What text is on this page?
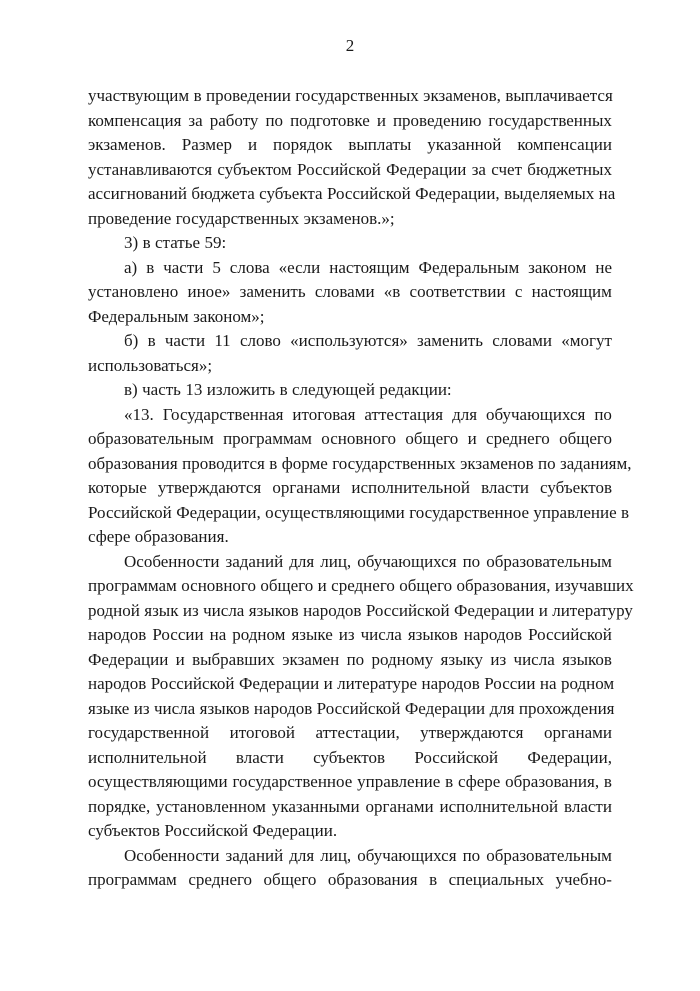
2
участвующим в проведении государственных экзаменов, выплачивается
компенсация за работу по подготовке и проведению государственных
экзаменов. Размер и порядок выплаты указанной компенсации
устанавливаются субъектом Российской Федерации за счет бюджетных
ассигнований бюджета субъекта Российской Федерации, выделяемых на
проведение государственных экзаменов.»;
3) в статье 59:
а) в части 5 слова «если настоящим Федеральным законом не
установлено иное» заменить словами «в соответствии с настоящим
Федеральным законом»;
б) в части 11 слово «используются» заменить словами «могут
использоваться»;
в) часть 13 изложить в следующей редакции:
«13. Государственная итоговая аттестация для обучающихся по
образовательным программам основного общего и среднего общего
образования проводится в форме государственных экзаменов по заданиям,
которые утверждаются органами исполнительной власти субъектов
Российской Федерации, осуществляющими государственное управление в
сфере образования.
Особенности заданий для лиц, обучающихся по образовательным
программам основного общего и среднего общего образования, изучавших
родной язык из числа языков народов Российской Федерации и литературу
народов России на родном языке из числа языков народов Российской
Федерации и выбравших экзамен по родному языку из числа языков
народов Российской Федерации и литературе народов России на родном
языке из числа языков народов Российской Федерации для прохождения
государственной итоговой аттестации, утверждаются органами
исполнительной власти субъектов Российской Федерации,
осуществляющими государственное управление в сфере образования, в
порядке, установленном указанными органами исполнительной власти
субъектов Российской Федерации.
Особенности заданий для лиц, обучающихся по образовательным
программам среднего общего образования в специальных учебно-
